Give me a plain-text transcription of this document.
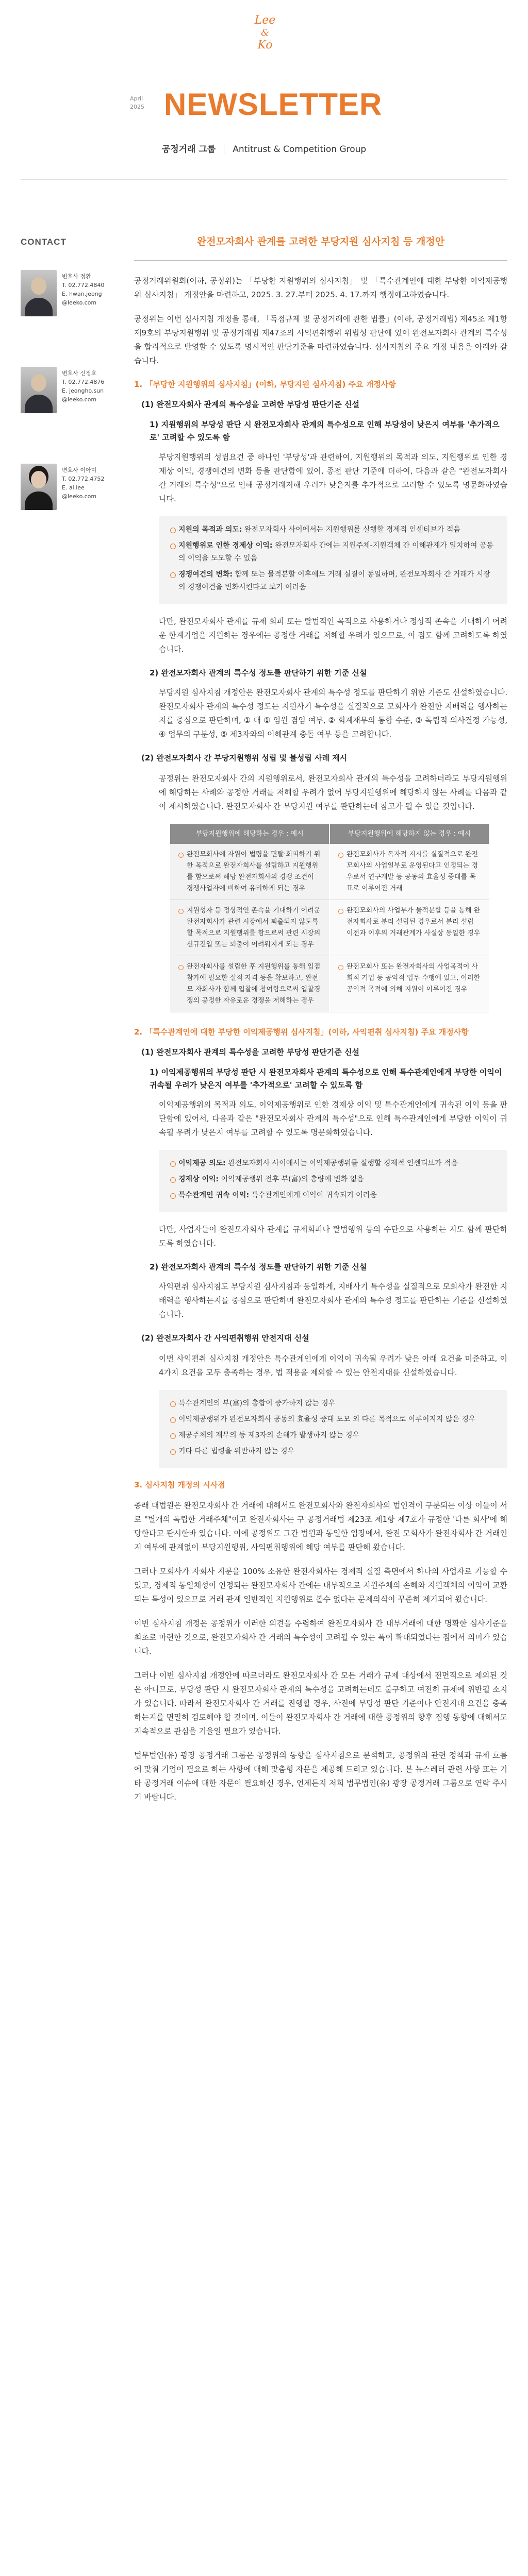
Lee
&
Ko
April
2025 NEWSLETTER
공정거래 그룹 Antitrust & Competition Group
CONTACT
변호사 정환
T. 02.772.4840
E. hwan.jeong
@leeko.com
변호사 신정호
T. 02.772.4876
E. jeongho.sun
@leeko.com
변호사 이아미
T. 02.772.4752
E. ai.lee
@leeko.com
완전모자회사 관계를 고려한 부당지원 심사지침 등 개정안

공정거래위원회(이하, 공정위)는 「부당한 지원행위의 심사지침」 및 「특수관계인에 대한 부당한 이익제공행위 심사지침」 개정안을 마련하고, 2025. 3. 27.부터 2025. 4. 17.까지 행정예고하였습니다.

공정위는 이번 심사지침 개정을 통해, 「독점규제 및 공정거래에 관한 법률」(이하, 공정거래법) 제45조 제1항 제9호의 부당지원행위 및 공정거래법 제47조의 사익편취행위 위법성 판단에 있어 완전모자회사 관계의 특수성을 합리적으로 반영할 수 있도록 명시적인 판단기준을 마련하였습니다. 심사지침의 주요 개정 내용은 아래와 같습니다.

1. 「부당한 지원행위의 심사지침」(이하, 부당지원 심사지침) 주요 개정사항
(1) 완전모자회사 관계의 특수성을 고려한 부당성 판단기준 신설
1) 지원행위의 부당성 판단 시 완전모자회사 관계의 특수성으로 인해 부당성이 낮은지 여부를 '추가적으로' 고려할 수 있도록 함

부당지원행위의 성립요건 중 하나인 '부당성'과 관련하여, 지원행위의 목적과 의도, 지원행위로 인한 경제상 이익, 경쟁여건의 변화 등을 판단함에 있어, 종전 판단 기준에 더하여, 다음과 같은 "완전모자회사간 거래의 특수성"으로 인해 공정거래저해 우려가 낮은지를 추가적으로 고려할 수 있도록 명문화하였습니다.

지원의 목적과 의도: 완전모자회사 사이에서는 지원행위를 실행할 경제적 인센티브가 적음
지원행위로 인한 경제상 이익: 완전모자회사 간에는 지원주체-지원객체 간 이해관계가 일치하여 공동의 이익을 도모할 수 있음
경쟁여건의 변화: 함께 또는 물적분할 이후에도 거래 실질이 동일하며, 완전모자회사 간 거래가 시장의 경쟁여건을 변화시킨다고 보기 어려움

다만, 완전모자회사 관계를 규제 회피 또는 탈법적인 목적으로 사용하거나 정상적 존속을 기대하기 어려운 한계기업을 지원하는 경우에는 공정한 거래를 저해할 우려가 있으므로, 이 점도 함께 고려하도록 하였습니다.

2) 완전모자회사 관계의 특수성 정도를 판단하기 위한 기준 신설

부당지원 심사지침 개정안은 완전모자회사 관계의 특수성 정도를 판단하기 위한 기준도 신설하였습니다. 완전모자회사 관계의 특수성 정도는 지원사기 특수성을 실질적으로 모회사가 완전한 지배력을 행사하는지를 중심으로 판단하며, ① 대 ① 임원 겸임 여부, ② 회계재무의 통합 수준, ③ 독립적 의사결정 가능성, ④ 업무의 구분성, ⑤ 제3자와의 이해관계 충돌 여부 등을 고려합니다.

(2) 완전모자회사 간 부당지원행위 성립 및 불성립 사례 제시

공정위는 완전모자회사 간의 지원행위로서, 완전모자회사 관계의 특수성을 고려하더라도 부당지원행위에 해당하는 사례와 공정한 거래를 저해할 우려가 없어 부당지원행위에 해당하지 않는 사례를 다음과 같이 제시하였습니다. 완전모자회사 간 부당지원 여부를 판단하는데 참고가 될 수 있을 것입니다.

부당지원행위에 해당하는 경우 : 예시	부당지원행위에 해당하지 않는 경우 : 예시

완전모회사에 자원이 법령을 면탈·회피하기 위한 목적으로 완전자회사를 설립하고 지원행위를 함으로써 해당 완전자회사의 경쟁 조건이 경쟁사업자에 비하여 유리하게 되는 경우	완전모회사가 독자적 지시를 실질적으로 완전모회사의 사업일부로 운영된다고 인정되는 경우로서 연구개발 등 공동의 효율성 증대를 목표로 이루어진 거래

지원성자 등 정상적인 존속을 기대하기 어려운 완전자회사가 관련 시장에서 퇴출되지 않도록 할 목적으로 지원행위를 함으로써 관련 시장의 신규진입 또는 퇴출이 어려워지게 되는 경우	완전모회사의 사업부가 물적분할 등을 통해 완전자회사로 분리 설립된 경우로서 분리 설립 이전과 이후의 거래관계가 사실상 동일한 경우

완전자회사를 설립한 후 지원행위를 통해 입점 참가에 필요한 실적 자격 등을 확보하고, 완전모 자회사가 함께 입찰에 참여함으로써 입찰경쟁의 공정한 자유로운 경쟁을 저해하는 경우	완전모회사 또는 완전자회사의 사업목적이 사회적 기업 등 공익적 업무 수행에 있고, 이러한 공익적 목적에 의해 지원이 이루어진 경우
2. 「특수관계인에 대한 부당한 이익제공행위 심사지침」(이하, 사익편취 심사지침) 주요 개정사항
(1) 완전모자회사 관계의 특수성을 고려한 부당성 판단기준 신설
1) 이익제공행위의 부당성 판단 시 완전모자회사 관계의 특수성으로 인해 특수관계인에게 부당한 이익이 귀속될 우려가 낮은지 여부를 '추가적으로' 고려할 수 있도록 함

이익제공행위의 목적과 의도, 이익제공행위로 인한 경제상 이익 및 특수관계인에게 귀속된 이익 등을 판단함에 있어서, 다음과 같은 "완전모자회사 관계의 특수성"으로 인해 특수관계인에게 부당한 이익이 귀속될 우려가 낮은지 여부를 고려할 수 있도록 명문화하였습니다.

이익제공 의도: 완전모자회사 사이에서는 이익제공행위를 실행할 경제적 인센티브가 적음
경제상 이익: 이익제공행위 전후 부(富)의 총량에 변화 없음
특수관계인 귀속 이익: 특수관계인에게 이익이 귀속되기 어려움

다만, 사업자들이 완전모자회사 관계를 규제회피나 탈법행위 등의 수단으로 사용하는 지도 함께 판단하도록 하였습니다.

2) 완전모자회사 관계의 특수성 정도를 판단하기 위한 기준 신설

사익편취 심사지침도 부당지원 심사지침과 동일하게, 지배사기 특수성을 실질적으로 모회사가 완전한 지배력을 행사하는지를 중심으로 판단하며 완전모자회사 관계의 특수성 정도를 판단하는 기준을 신설하였습니다.

(2) 완전모자회사 간 사익편취행위 안전지대 신설

이번 사익편취 심사지침 개정안은 특수관계인에게 이익이 귀속될 우려가 낮은 아래 요건을 미준하고, 이 4가지 요건을 모두 충족하는 경우, 법 적용을 제외할 수 있는 안전지대를 신설하였습니다.

특수관계인의 부(富)의 총합이 증가하지 않는 경우
이익제공행위가 완전모자회사 공동의 효율성 증대 도모 외 다른 목적으로 이루어지지 않은 경우
제공주체의 재무의 등 제3자의 손해가 발생하지 않는 경우
기타 다른 법령을 위반하지 않는 경우
3. 심사지침 개정의 시사점

종래 대법원은 완전모자회사 간 거래에 대해서도 완전모회사와 완전자회사의 법인격이 구분되는 이상 이들이 서로 "별개의 독립한 거래주체"이고 완전자회사는 구 공정거래법 제23조 제1항 제7호가 규정한 '다른 회사'에 해당한다고 판시한바 있습니다. 이에 공정위도 그간 법원과 동일한 입장에서, 완전 모회사가 완전자회사 간 거래인지 여부에 관계없이 부당지원행위, 사익편취행위에 해당 여부를 판단해 왔습니다.

그러나 모회사가 자회사 지분을 100% 소유한 완전자회사는 경제적 실질 측면에서 하나의 사업자로 기능할 수 있고, 경제적 동일체성이 인정되는 완전모자회사 간에는 내부적으로 지원주체의 손해와 지원객체의 이익이 교환되는 특성이 있으므로 거래 관계 일반적인 지원행위로 볼수 없다는 문제의식이 꾸준히 제기되어 왔습니다.

이번 심사지침 개정은 공정위가 이러한 의견을 수렴하여 완전모자회사 간 내부거래에 대한 명확한 심사기준을 최초로 마련한 것으로, 완전모자회사 간 거래의 특수성이 고려될 수 있는 폭이 확대되었다는 점에서 의미가 있습니다.

그러나 이번 심사지침 개정안에 따르더라도 완전모자회사 간 모든 거래가 규제 대상에서 전면적으로 제외된 것은 아니므로, 부당성 판단 시 완전모자회사 관계의 특수성을 고려하는데도 불구하고 여전히 규제에 위반될 소지가 있습니다. 따라서 완전모자회사 간 거래를 진행할 경우, 사전에 부당성 판단 기준이나 안전지대 요건을 충족하는지를 면밀히 검토해야 할 것이며, 이들이 완전모자회사 간 거래에 대한 공정위의 향후 집행 동향에 대해서도 지속적으로 관심을 기울일 필요가 있습니다.

법무법인(유) 광장 공정거래 그룹은 공정위의 동향을 심사지침으로 분석하고, 공정위의 관련 정책과 규제 흐름에 맞춰 기업이 필요로 하는 사항에 대해 맞춤형 자문을 제공해 드리고 있습니다. 본 뉴스레터 관련 사항 또는 기타 공정거래 이슈에 대한 자문이 필요하신 경우, 언제든지 저희 법무법인(유) 광장 공정거래 그룹으로 연락 주시기 바랍니다.
